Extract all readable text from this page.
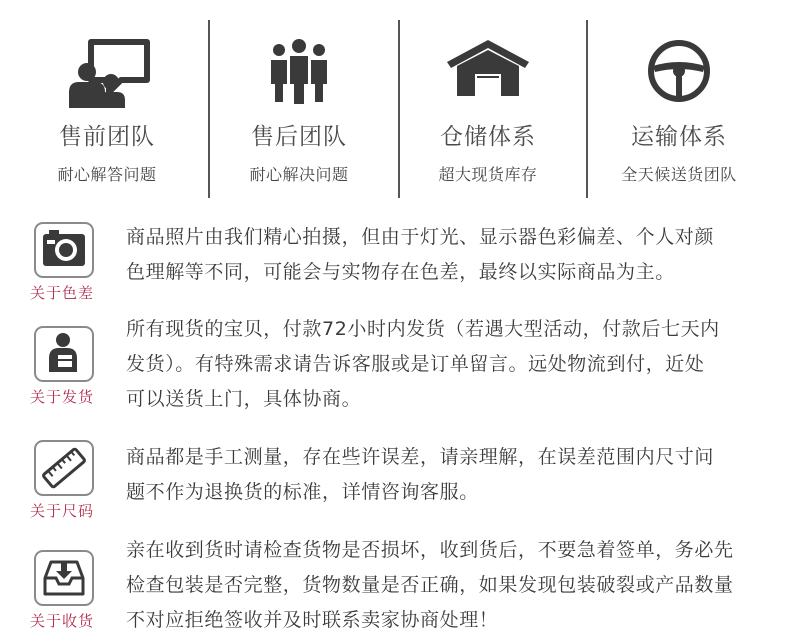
售前团队
耐心解答问题
售后团队
耐心解决问题
仓储体系
超大现货库存
运输体系
全天候送货团队
关于色差
商品照片由我们精心拍摄，但由于灯光、显示器色彩偏差、个人对颜
色理解等不同，可能会与实物存在色差，最终以实际商品为主。
关于发货
所有现货的宝贝，付款72小时内发货（若遇大型活动，付款后七天内
发货）。有特殊需求请告诉客服或是订单留言。远处物流到付，近处
可以送货上门，具体协商。
关于尺码
商品都是手工测量，存在些许误差，请亲理解，在误差范围内尺寸问
题不作为退换货的标准，详情咨询客服。
关于收货
亲在收到货时请检查货物是否损坏，收到货后，不要急着签单，务必先
检查包装是否完整，货物数量是否正确，如果发现包装破裂或产品数量
不对应拒绝签收并及时联系卖家协商处理！
